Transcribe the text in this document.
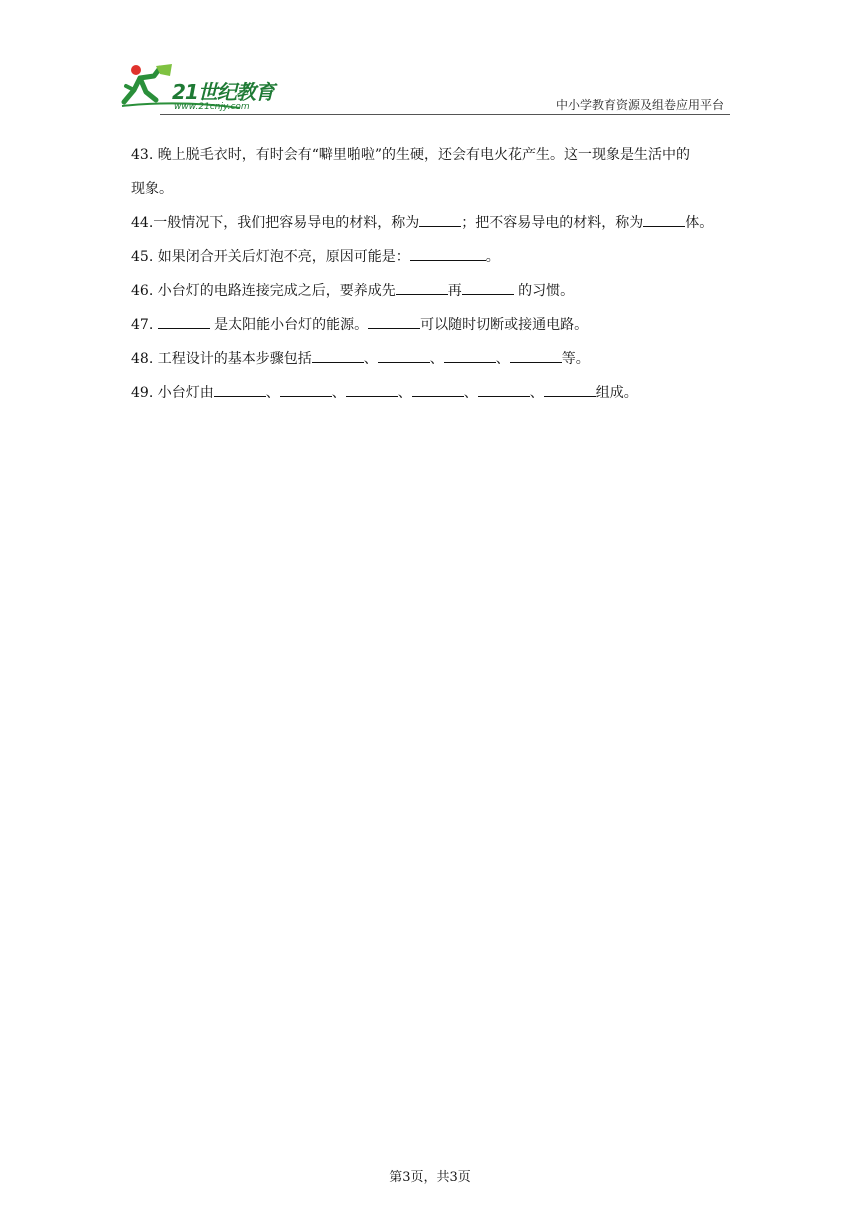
21世纪教育
www.21cnjy.com	中小学教育资源及组卷应用平台

43. 晚上脱毛衣时，有时会有“噼里啪啦”的生硬，还会有电火花产生。这一现象是生活中的
现象。

44.一般情况下，我们把容易导电的材料，称为	；把不容易导电的材料，称为	体。

45. 如果闭合开关后灯泡不亮，原因可能是：	。

46. 小台灯的电路连接完成之后，要养成先	再	的习惯。

47.	是太阳能小台灯的能源。	可以随时切断或接通电路。

48. 工程设计的基本步骤包括	、	、	、	等。

49. 小台灯由	、	、	、	、	、	组成。

第3页，共3页
